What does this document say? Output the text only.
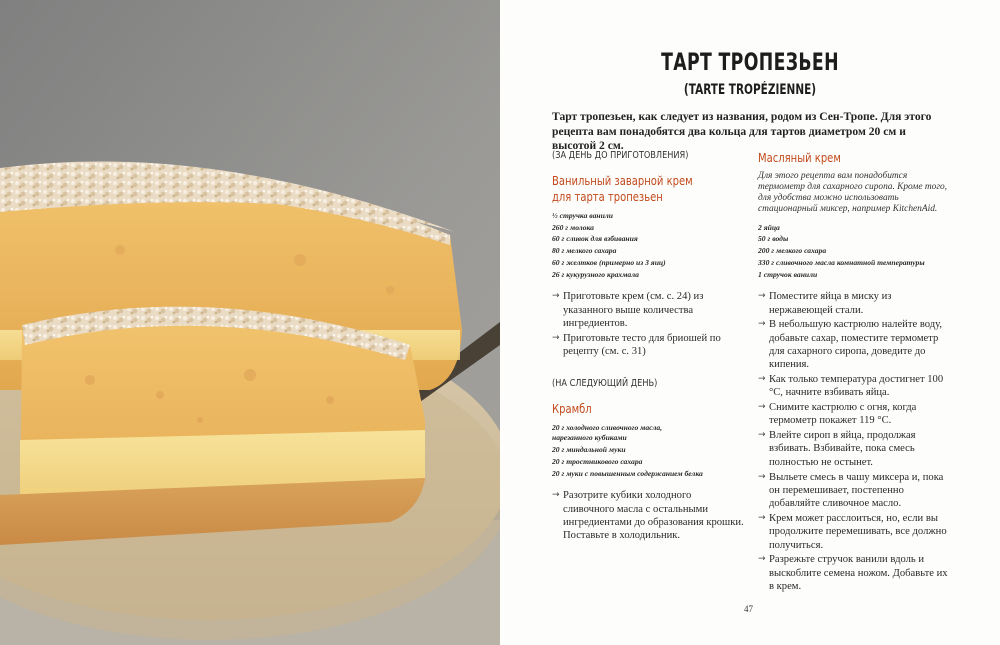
ТАРТ ТРОПЕЗЬЕН
(TARTE TROPÉZIENNE)
Тарт тропезьен, как следует из названия, родом из Сен-Тропе. Для этого рецепта вам понадобятся два кольца для тартов диаметром 20 см и высотой 2 см.
(ЗА ДЕНЬ ДО ПРИГОТОВЛЕНИЯ)
Ванильный заварной крем
для тарта тропезьен
½ стручка ванили
260 г молока
60 г сливок для взбивания
80 г мелкого сахара
60 г желтков (примерно из 3 яиц)
26 г кукурузного крахмала
→ Приготовьте крем (см. с. 24) из указанного выше количества ингредиентов.
→ Приготовьте тесто для бриошей по рецепту (см. с. 31)
(НА СЛЕДУЮЩИЙ ДЕНЬ)
Крамбл
20 г холодного сливочного масла, нарезанного кубиками
20 г миндальной муки
20 г тростникового сахара
20 г муки с повышенным содержанием белка
→ Разотрите кубики холодного сливочного масла с остальными ингредиентами до образования крошки. Поставьте в холодильник.
Масляный крем
Для этого рецепта вам понадобится термометр для сахарного сиропа. Кроме того, для удобства можно использовать стационарный миксер, например KitchenAid.
2 яйца
50 г воды
200 г мелкого сахара
330 г сливочного масла комнатной температуры
1 стручок ванили
→ Поместите яйца в миску из нержавеющей стали.
→ В небольшую кастрюлю налейте воду, добавьте сахар, поместите термометр для сахарного сиропа, доведите до кипения.
→ Как только температура достигнет 100 °С, начните взбивать яйца.
→ Снимите кастрюлю с огня, когда термометр покажет 119 °С.
→ Влейте сироп в яйца, продолжая взбивать. Взбивайте, пока смесь полностью не остынет.
→ Выльете смесь в чашу миксера и, пока он перемешивает, постепенно добавляйте сливочное масло.
→ Крем может расслоиться, но, если вы продолжите перемешивать, все должно получиться.
→ Разрежьте стручок ванили вдоль и выскоблите семена ножом. Добавьте их в крем.
47
